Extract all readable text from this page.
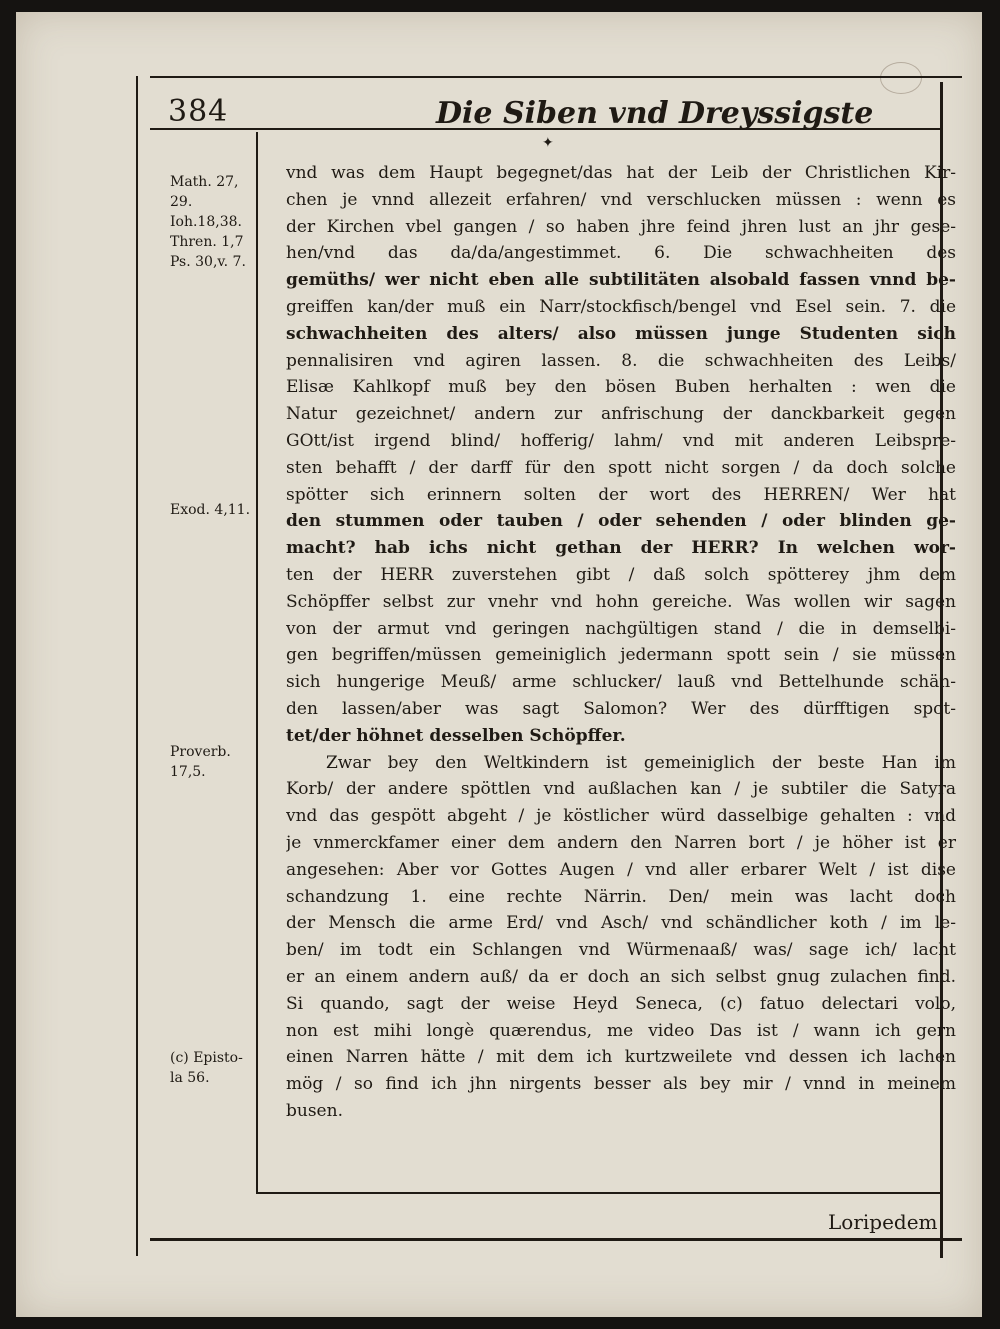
384	Die Siben vnd Dreyssigste
✦
Math. 27,
29.
Ioh.18,38.
Thren. 1,7
Ps. 30,v. 7.
Exod. 4,11.
Proverb.
17,5.
(c) Episto-
la 56.
vnd was dem Haupt begegnet/das hat der Leib der Christlichen Kir-
chen je vnnd allezeit erfahren/ vnd verschlucken müssen : wenn es
der Kirchen vbel gangen / so haben jhre feind jhren lust an jhr gese-
hen/vnd das da/da/angestimmet. 6. Die schwachheiten des
gemüths/ wer nicht eben alle subtilitäten alsobald fassen vnnd be-
greiffen kan/der muß ein Narr/stockfisch/bengel vnd Esel sein. 7. die
schwachheiten des alters/ also müssen junge Studenten sich
pennalisiren vnd agiren lassen. 8. die schwachheiten des Leibs/
Elisæ Kahlkopf muß bey den bösen Buben herhalten : wen die
Natur gezeichnet/ andern zur anfrischung der danckbarkeit gegen
GOtt/ist irgend blind/ hofferig/ lahm/ vnd mit anderen Leibspre-
sten behafft / der darff für den spott nicht sorgen / da doch solche
spötter sich erinnern solten der wort des HERREN/ Wer hat
den stummen oder tauben / oder sehenden / oder blinden ge-
macht? hab ichs nicht gethan der HERR? In welchen wor-
ten der HERR zuverstehen gibt / daß solch spötterey jhm dem
Schöpffer selbst zur vnehr vnd hohn gereiche. Was wollen wir sagen
von der armut vnd geringen nachgültigen stand / die in demselbi-
gen begriffen/müssen gemeiniglich jedermann spott sein / sie müssen
sich hungerige Meuß/ arme schlucker/ lauß vnd Bettelhunde schän-
den lassen/aber was sagt Salomon? Wer des dürfftigen spot-
tet/der höhnet desselben Schöpffer.
Zwar bey den Weltkindern ist gemeiniglich der beste Han im
Korb/ der andere spöttlen vnd außlachen kan / je subtiler die Satyra
vnd das gespött abgeht / je köstlicher würd dasselbige gehalten : vnd
je vnmerckfamer einer dem andern den Narren bort / je höher ist er
angesehen: Aber vor Gottes Augen / vnd aller erbarer Welt / ist dise
schandzung 1. eine rechte Närrin. Den/ mein was lacht doch
der Mensch die arme Erd/ vnd Asch/ vnd schändlicher koth / im le-
ben/ im todt ein Schlangen vnd Würmenaaß/ was/ sage ich/ lacht
er an einem andern auß/ da er doch an sich selbst gnug zulachen find.
Si quando, sagt der weise Heyd Seneca, (c) fatuo delectari volo,
non est mihi longè quærendus, me video Das ist / wann ich gern
einen Narren hätte / mit dem ich kurtzweilete vnd dessen ich lachen
mög / so find ich jhn nirgents besser als bey mir / vnnd in meinem
busen.
Loripedem
